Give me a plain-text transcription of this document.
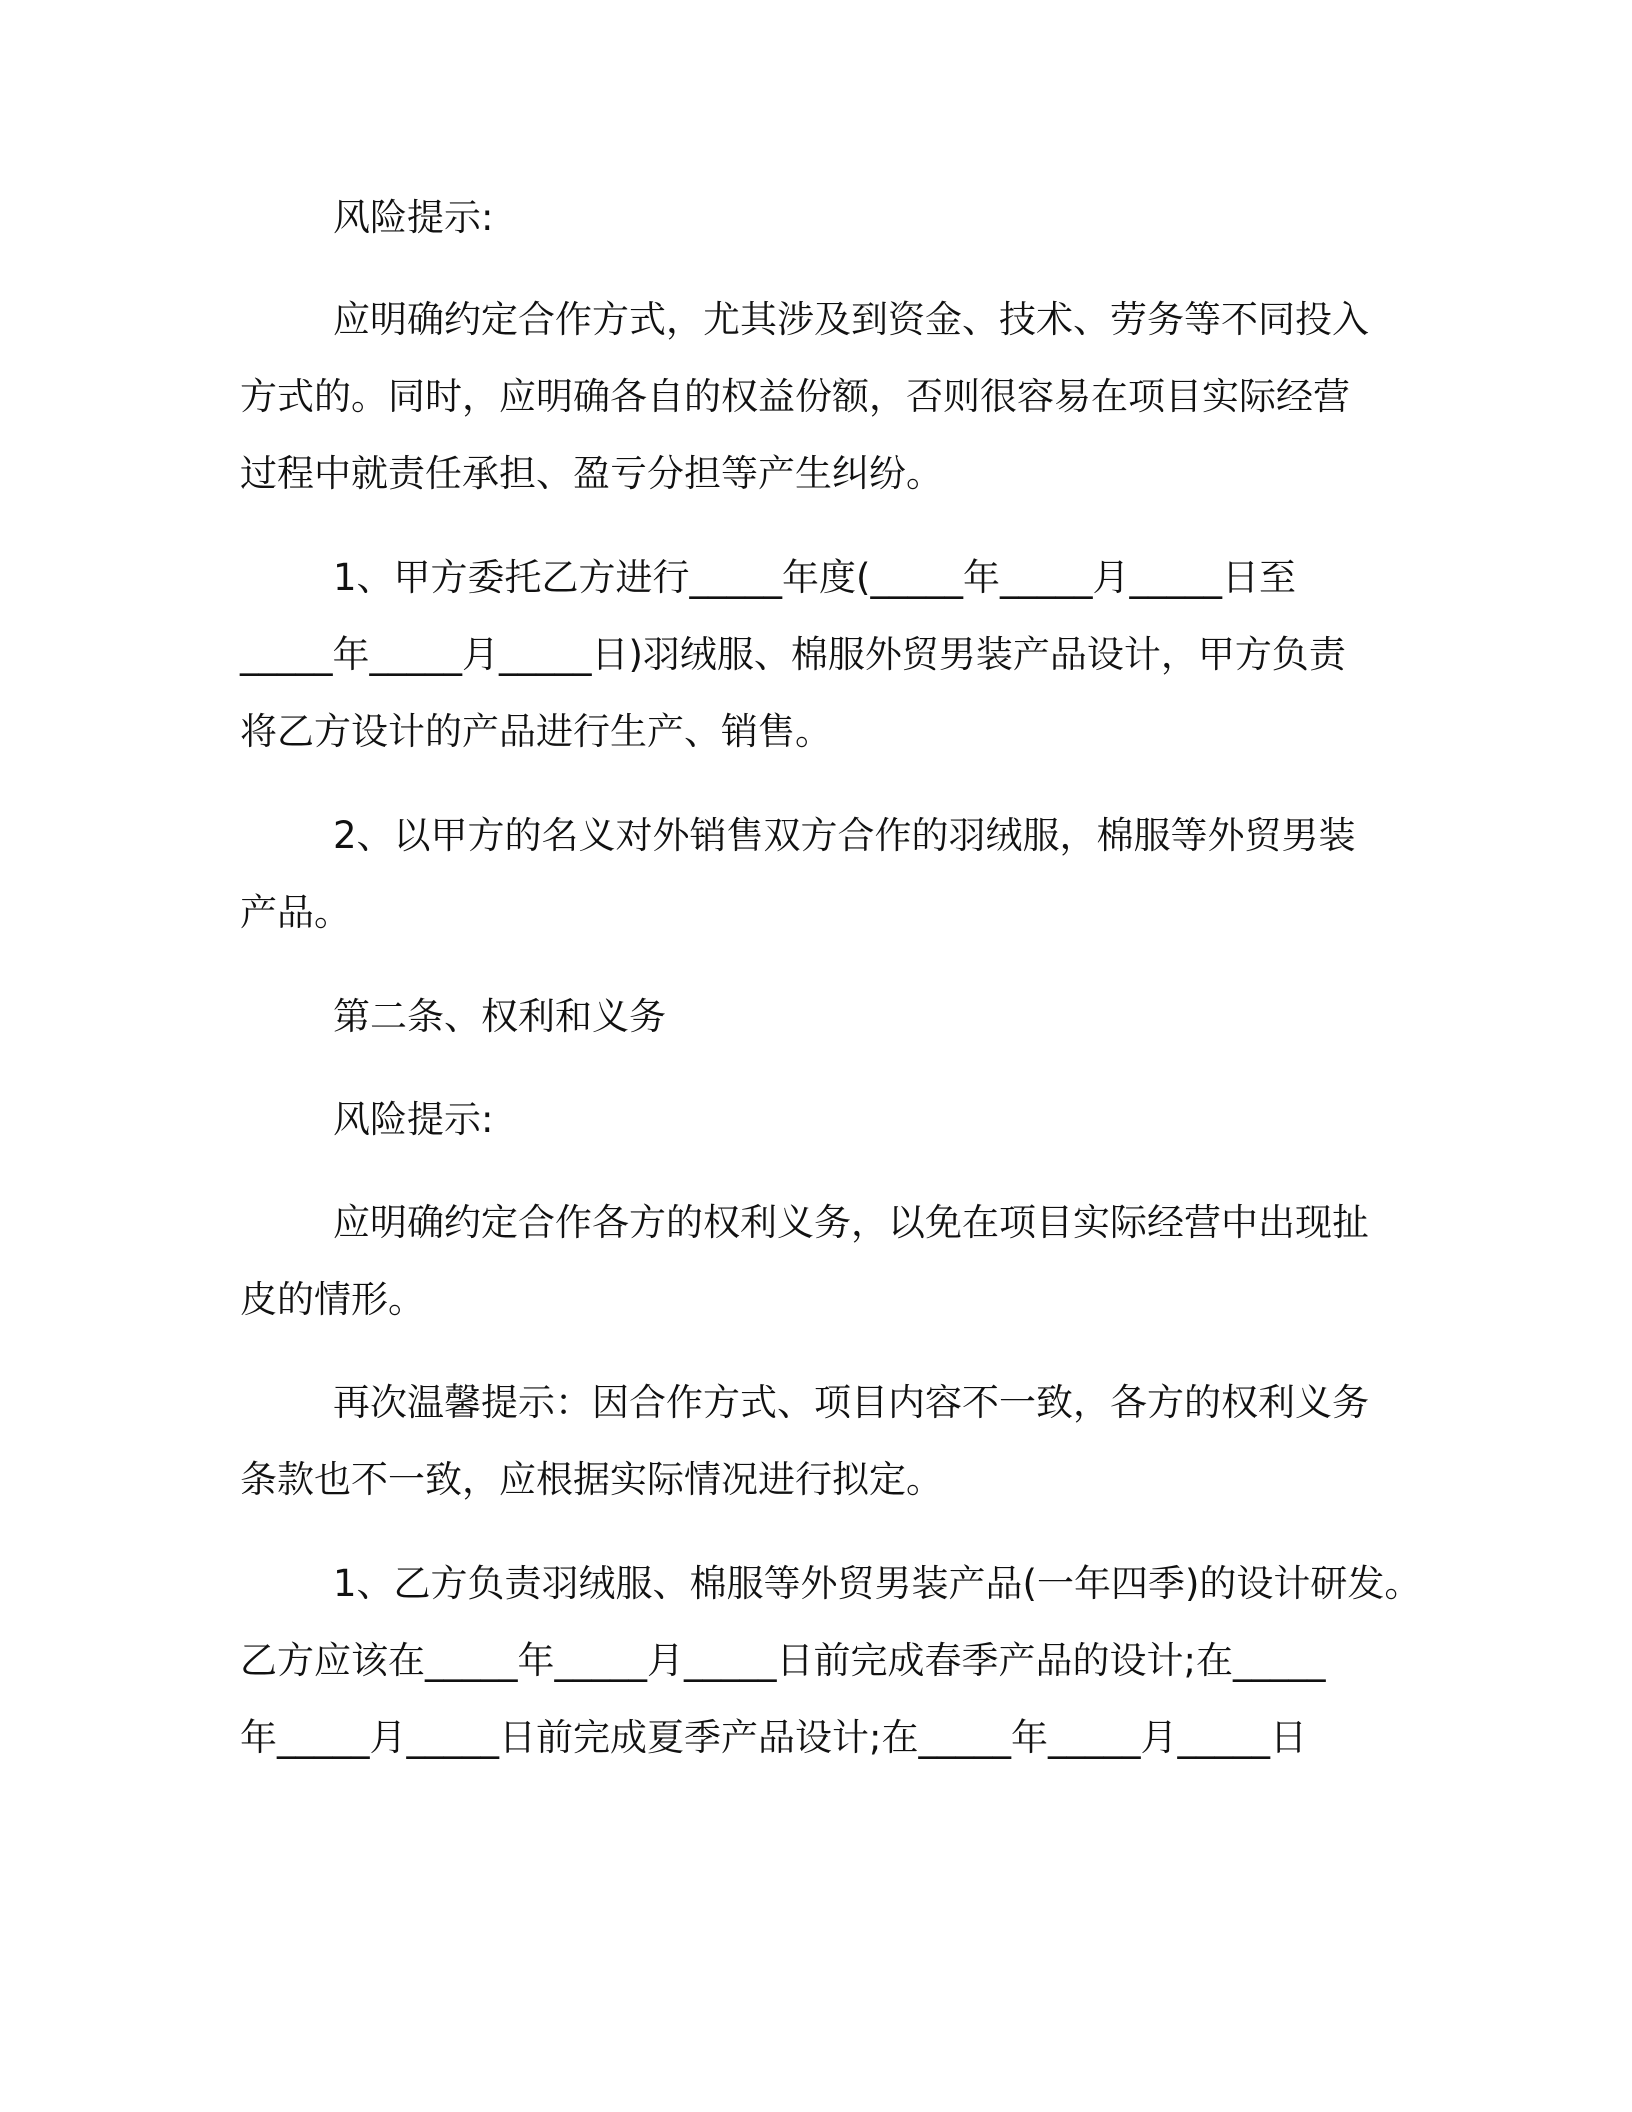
风险提示:
应明确约定合作方式，尤其涉及到资金、技术、劳务等不同投入
方式的。同时，应明确各自的权益份额，否则很容易在项目实际经营
过程中就责任承担、盈亏分担等产生纠纷。
1、甲方委托乙方进行_____年度(_____年_____月_____日至
_____年_____月_____日)羽绒服、棉服外贸男装产品设计，甲方负责
将乙方设计的产品进行生产、销售。
2、以甲方的名义对外销售双方合作的羽绒服，棉服等外贸男装
产品。
第二条、权利和义务
风险提示:
应明确约定合作各方的权利义务，以免在项目实际经营中出现扯
皮的情形。
再次温馨提示：因合作方式、项目内容不一致，各方的权利义务
条款也不一致，应根据实际情况进行拟定。
1、乙方负责羽绒服、棉服等外贸男装产品(一年四季)的设计研发。
乙方应该在_____年_____月_____日前完成春季产品的设计;在_____
年_____月_____日前完成夏季产品设计;在_____年_____月_____日
